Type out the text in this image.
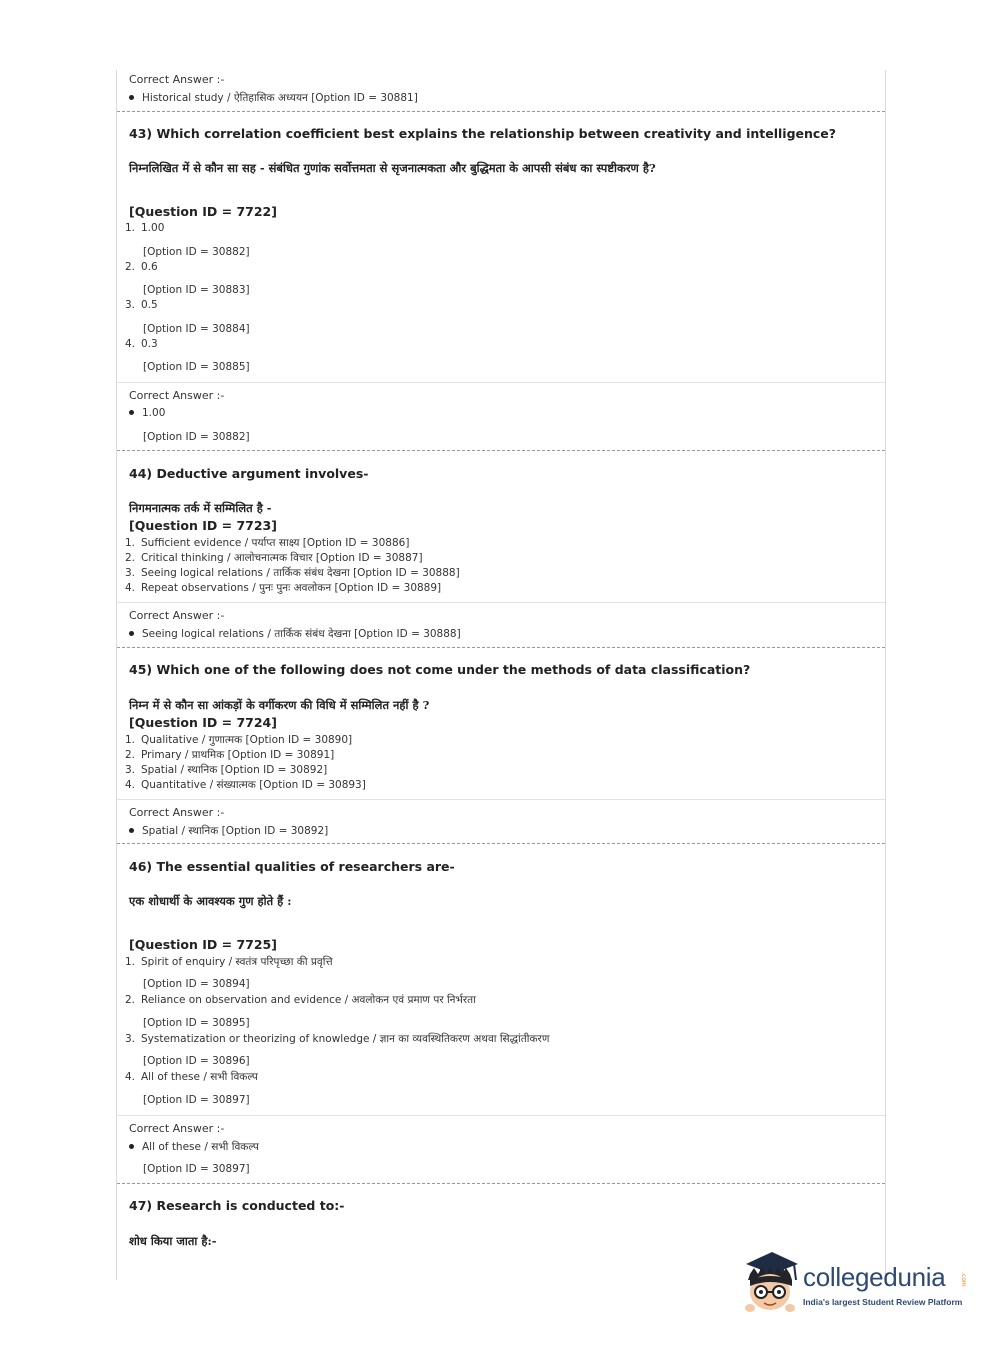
Correct Answer :-
Historical study / ऐतिहासिक अध्ययन [Option ID = 30881]
43) Which correlation coefficient best explains the relationship between creativity and intelligence?
निम्नलिखित में से कौन सा सह - संबंधित गुणांक सर्वोत्तमता से सृजनात्मकता और बुद्धिमता के आपसी संबंध का स्पष्टीकरण है?
[Question ID = 7722]
1. 1.00
[Option ID = 30882]
2. 0.6
[Option ID = 30883]
3. 0.5
[Option ID = 30884]
4. 0.3
[Option ID = 30885]
Correct Answer :-
1.00
[Option ID = 30882]
44) Deductive argument involves-
निगमनात्मक तर्क में सम्मिलित है -
[Question ID = 7723]
1. Sufficient evidence / पर्याप्त साक्ष्य [Option ID = 30886]
2. Critical thinking / आलोचनात्मक विचार [Option ID = 30887]
3. Seeing logical relations / तार्किक संबंध देखना [Option ID = 30888]
4. Repeat observations / पुनः पुनः अवलोकन [Option ID = 30889]
Correct Answer :-
Seeing logical relations / तार्किक संबंध देखना [Option ID = 30888]
45) Which one of the following does not come under the methods of data classification?
निम्न में से कौन सा आंकड़ों के वर्गीकरण की विधि में सम्मिलित नहीं है ?
[Question ID = 7724]
1. Qualitative / गुणात्मक [Option ID = 30890]
2. Primary / प्राथमिक [Option ID = 30891]
3. Spatial / स्थानिक [Option ID = 30892]
4. Quantitative / संख्यात्मक [Option ID = 30893]
Correct Answer :-
Spatial / स्थानिक [Option ID = 30892]
46) The essential qualities of researchers are-
एक शोधार्थी के आवश्यक गुण होते हैं :
[Question ID = 7725]
1. Spirit of enquiry / स्वतंत्र परिपृच्छा की प्रवृत्ति
[Option ID = 30894]
2. Reliance on observation and evidence / अवलोकन एवं प्रमाण पर निर्भरता
[Option ID = 30895]
3. Systematization or theorizing of knowledge / ज्ञान का व्यवस्थितिकरण अथवा सिद्धांतीकरण
[Option ID = 30896]
4. All of these / सभी विकल्प
[Option ID = 30897]
Correct Answer :-
All of these / सभी विकल्प
[Option ID = 30897]
47) Research is conducted to:-
शोध किया जाता है:-
collegedunia .com
India's largest Student Review Platform
